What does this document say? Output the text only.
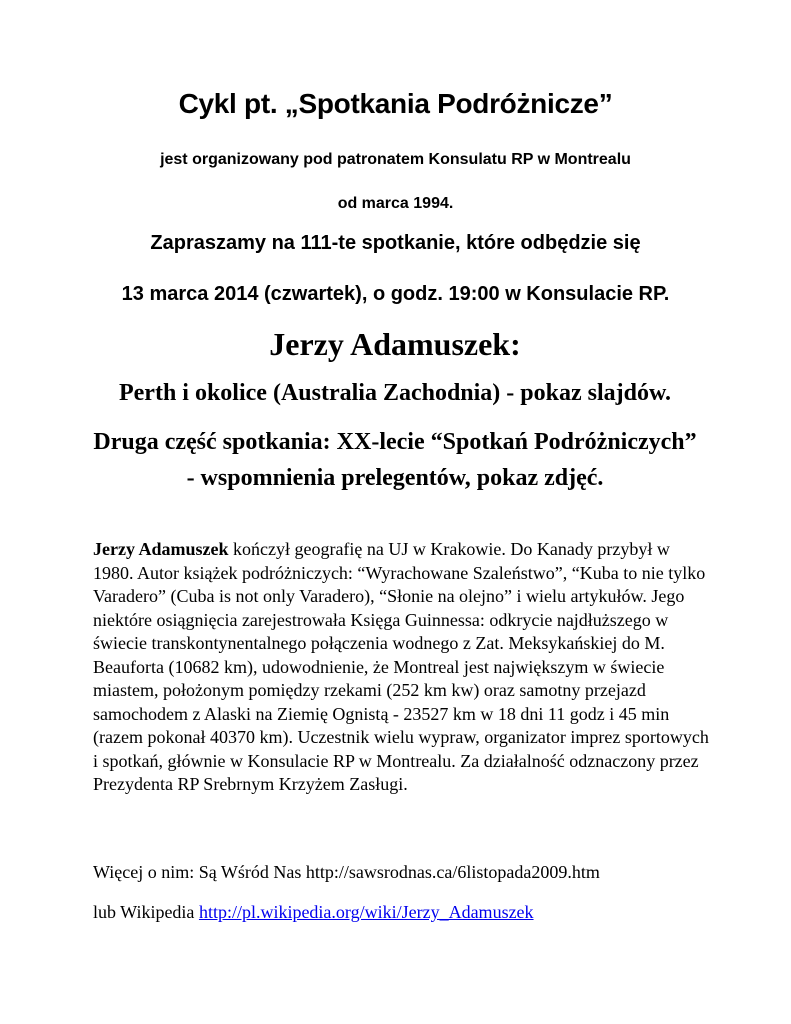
Cykl pt. „Spotkania Podróżnicze”
jest organizowany pod patronatem Konsulatu RP w Montrealu
od marca 1994.
Zapraszamy na 111-te spotkanie, które odbędzie się
13 marca 2014 (czwartek), o godz. 19:00 w Konsulacie RP.
Jerzy Adamuszek:
Perth i okolice (Australia Zachodnia) - pokaz slajdów.
Druga część spotkania: XX-lecie “Spotkań Podróżniczych” - wspomnienia prelegentów, pokaz zdjęć.
Jerzy Adamuszek kończył geografię na UJ w Krakowie. Do Kanady przybył w 1980. Autor książek podróżniczych: “Wyrachowane Szaleństwo”, “Kuba to nie tylko Varadero” (Cuba is not only Varadero), “Słonie na olejno” i wielu artykułów. Jego niektóre osiągnięcia zarejestrowała Księga Guinnessa: odkrycie najdłuższego w świecie transkontynentalnego połączenia wodnego z Zat. Meksykańskiej do M. Beauforta (10682 km), udowodnienie, że Montreal jest największym w świecie miastem, położonym pomiędzy rzekami (252 km kw) oraz samotny przejazd samochodem z Alaski na Ziemię Ognistą - 23527 km w 18 dni 11 godz i 45 min (razem pokonał 40370 km). Uczestnik wielu wypraw, organizator imprez sportowych i spotkań, głównie w Konsulacie RP w Montrealu. Za działalność odznaczony przez Prezydenta RP Srebrnym Krzyżem Zasługi.
Więcej o nim: Są Wśród Nas http://sawsrodnas.ca/6listopada2009.htm
lub Wikipedia http://pl.wikipedia.org/wiki/Jerzy_Adamuszek
